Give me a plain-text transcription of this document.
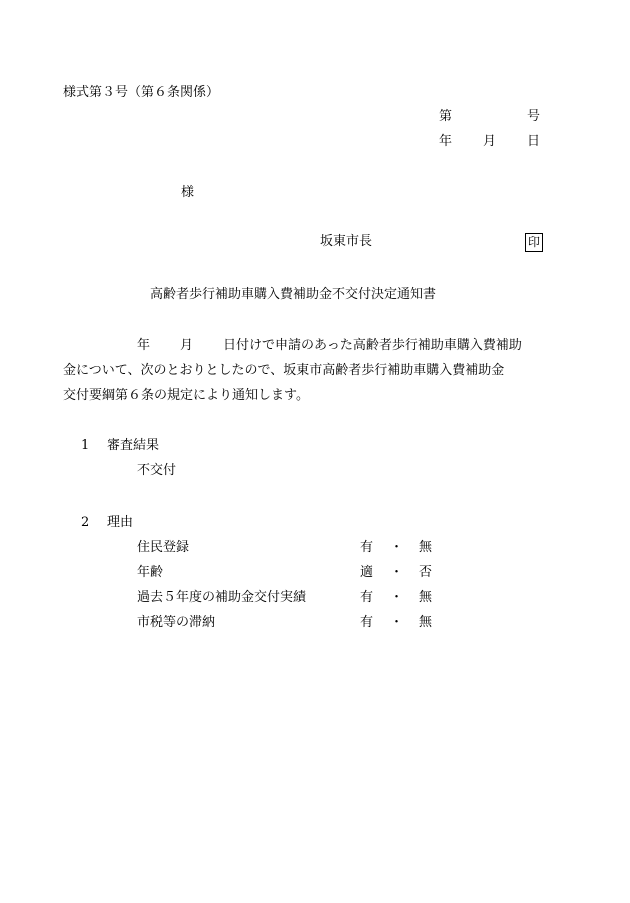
様式第３号（第６条関係）
第	号
年 月 日
様
坂東市長	印
高齢者歩行補助車購入費補助金不交付決定通知書
年 月 日付けで申請のあった高齢者歩行補助車購入費補助
金について、次のとおりとしたので、坂東市高齢者歩行補助車購入費補助金
交付要綱第６条の規定により通知します。
1 審査結果
不交付
2 理由
住民登録	有 ・ 無
年齢	適 ・ 否
過去５年度の補助金交付実績	有 ・ 無
市税等の滞納	有 ・ 無
